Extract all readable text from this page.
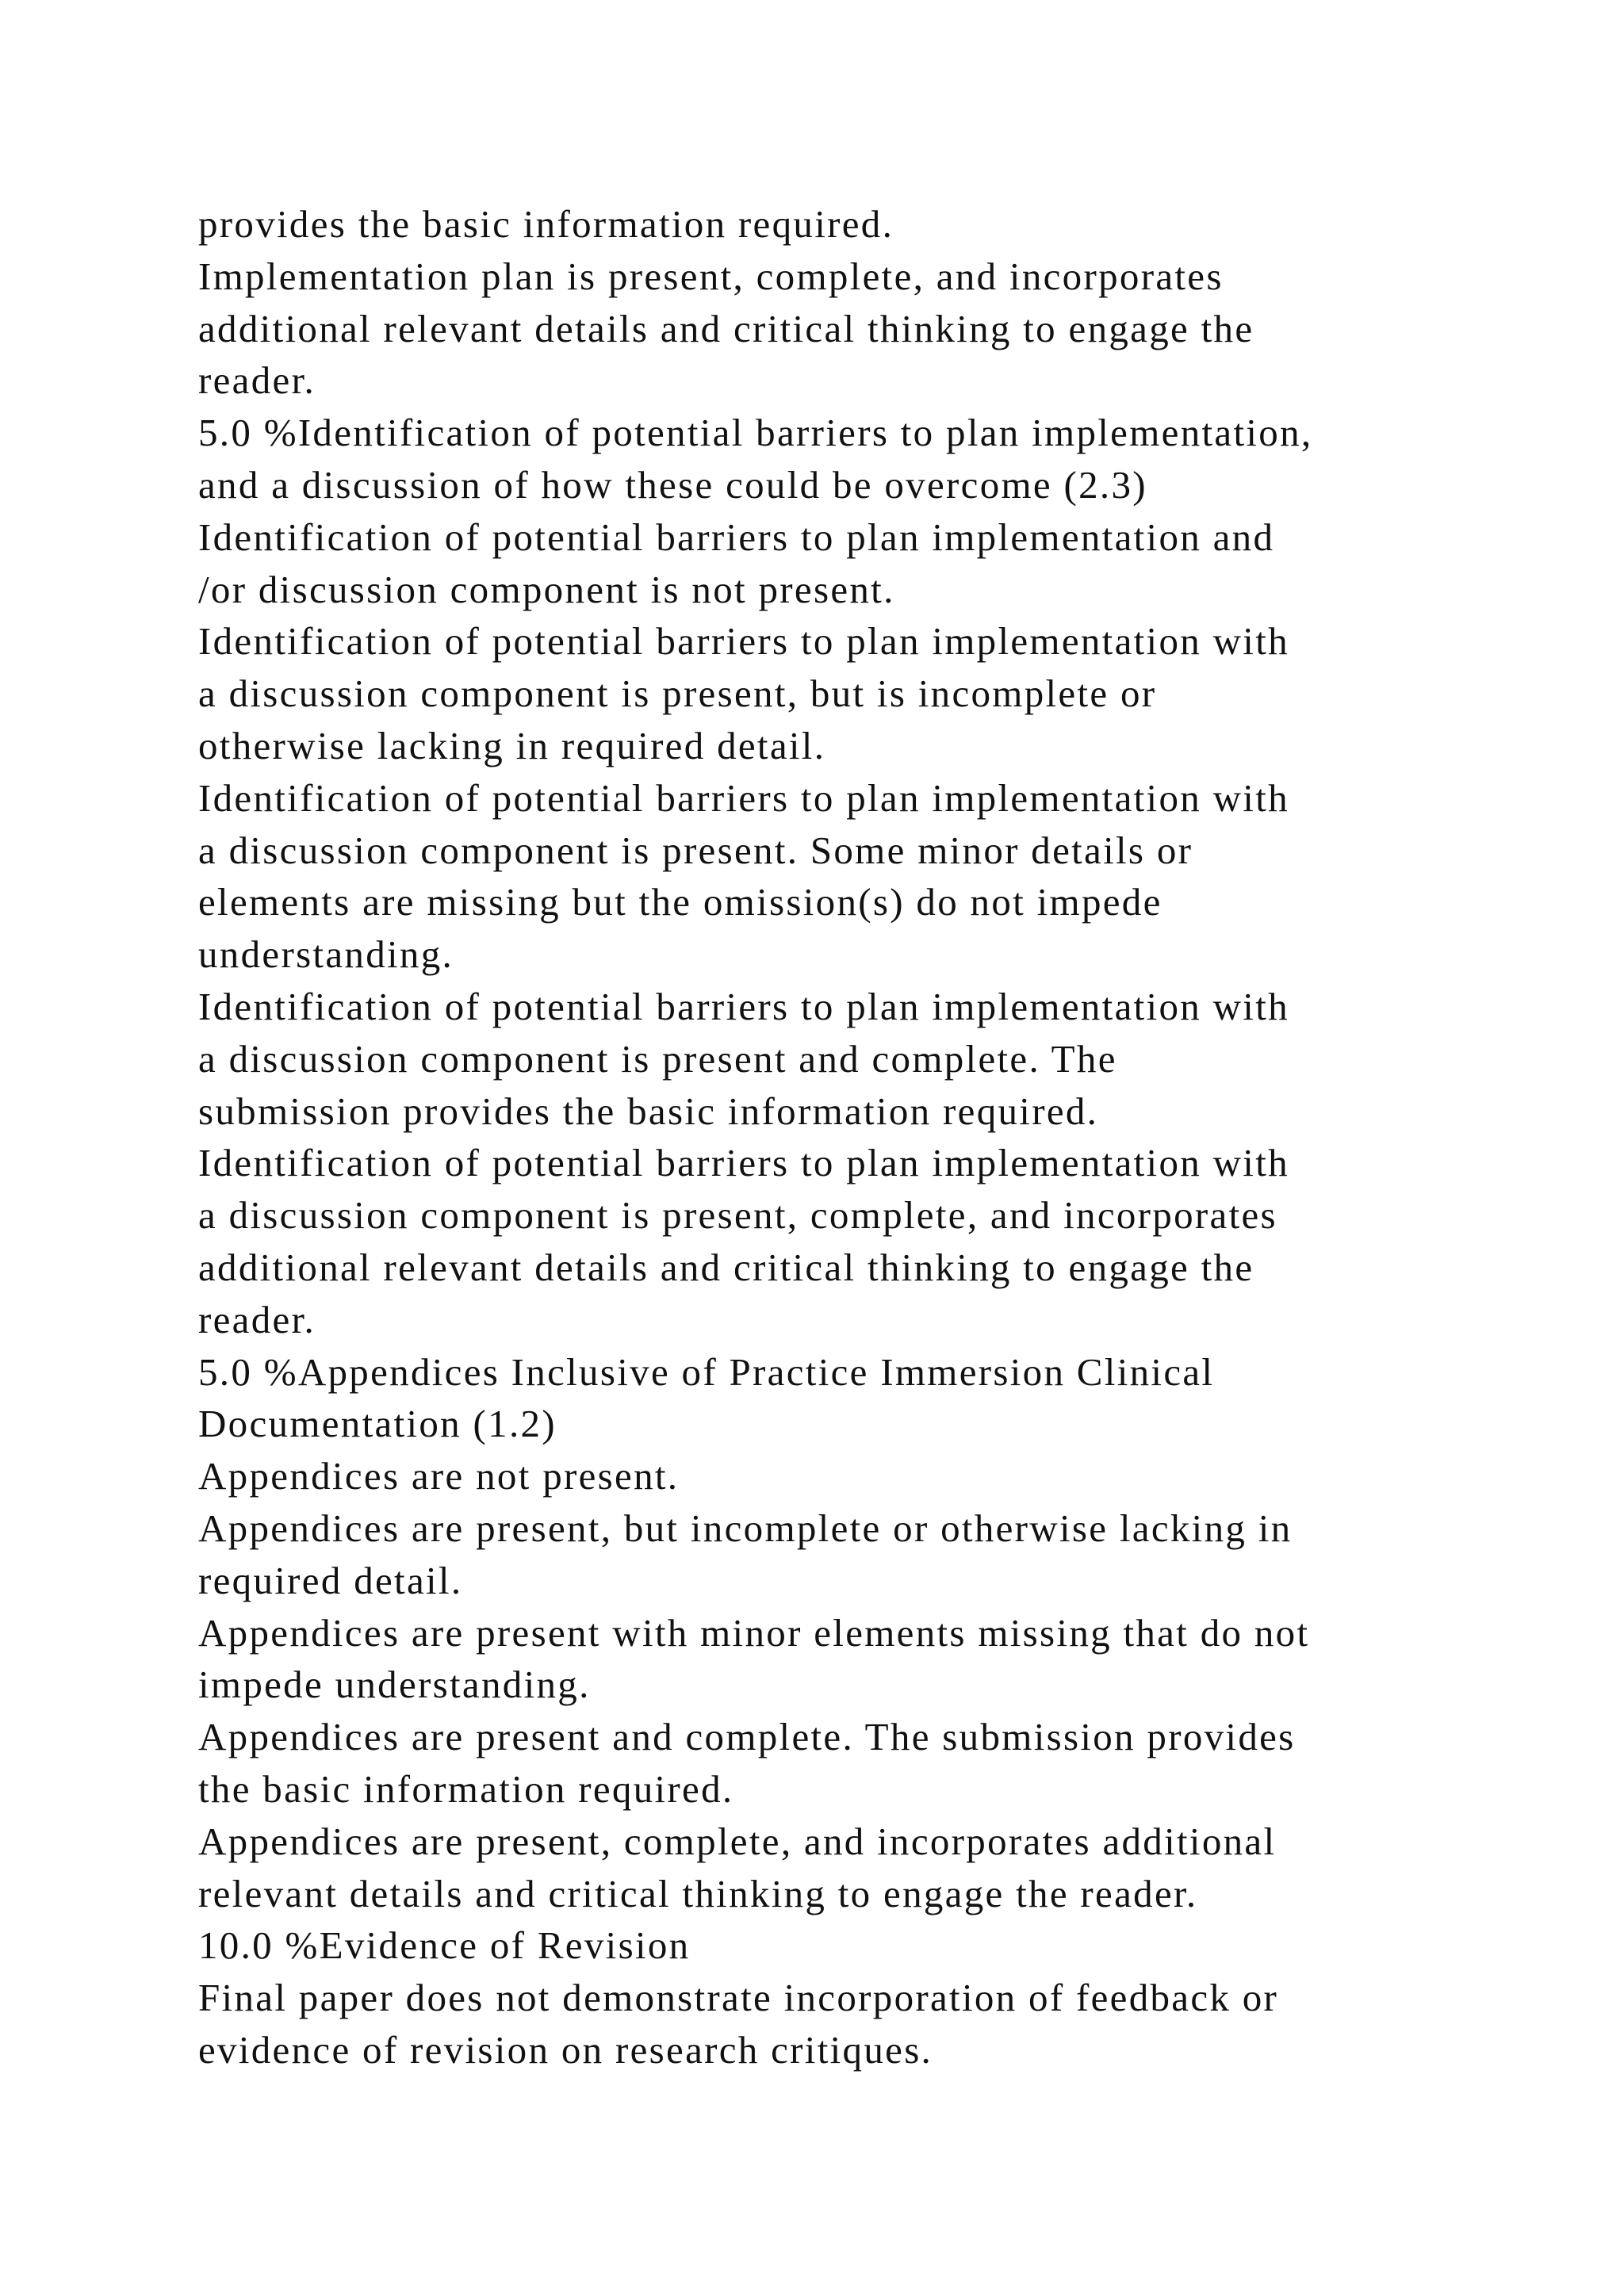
provides the basic information required.
Implementation plan is present, complete, and incorporates
additional relevant details and critical thinking to engage the
reader.
5.0 %Identification of potential barriers to plan implementation,
and a discussion of how these could be overcome (2.3)
Identification of potential barriers to plan implementation and
/or discussion component is not present.
Identification of potential barriers to plan implementation with
a discussion component is present, but is incomplete or
otherwise lacking in required detail.
Identification of potential barriers to plan implementation with
a discussion component is present. Some minor details or
elements are missing but the omission(s) do not impede
understanding.
Identification of potential barriers to plan implementation with
a discussion component is present and complete. The
submission provides the basic information required.
Identification of potential barriers to plan implementation with
a discussion component is present, complete, and incorporates
additional relevant details and critical thinking to engage the
reader.
5.0 %Appendices Inclusive of Practice Immersion Clinical
Documentation (1.2)
Appendices are not present.
Appendices are present, but incomplete or otherwise lacking in
required detail.
Appendices are present with minor elements missing that do not
impede understanding.
Appendices are present and complete. The submission provides
the basic information required.
Appendices are present, complete, and incorporates additional
relevant details and critical thinking to engage the reader.
10.0 %Evidence of Revision
Final paper does not demonstrate incorporation of feedback or
evidence of revision on research critiques.
